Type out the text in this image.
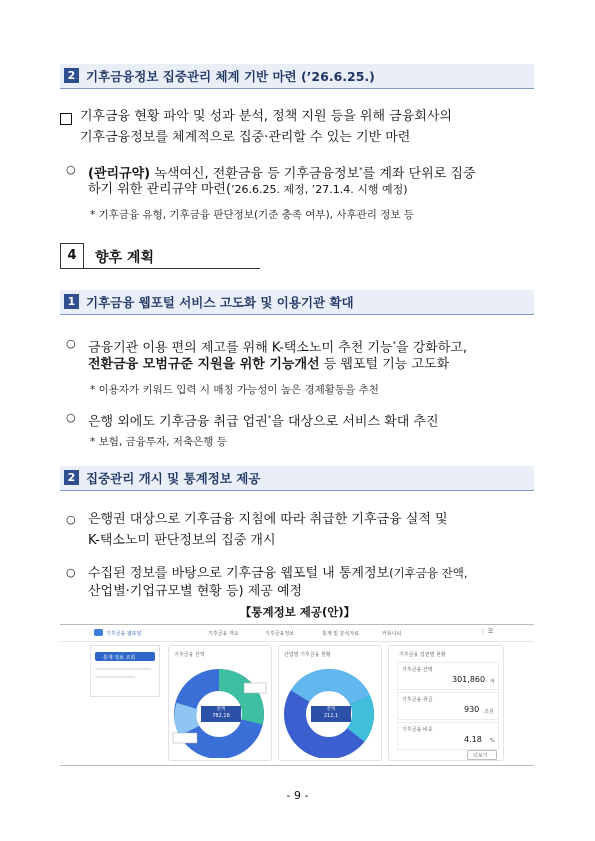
2 기후금융정보 집중관리 체계 기반 마련 (’26.6.25.)
기후금융 현황 파악 및 성과 분석, 정책 지원 등을 위해 금융회사의
기후금융정보를 체계적으로 집중·관리할 수 있는 기반 마련
○ (관리규약) 녹색여신, 전환금융 등 기후금융정보*를 계좌 단위로 집중
하기 위한 관리규약 마련(’26.6.25. 제정, ’27.1.4. 시행 예정)
* 기후금융 유형, 기후금융 판단정보(기준 충족 여부), 사후관리 정보 등
4	향후 계획
1 기후금융 웹포털 서비스 고도화 및 이용기관 확대
○ 금융기관 이용 편의 제고를 위해 K-택소노미 추천 기능*을 강화하고,
전환금융 모범규준 지원을 위한 기능개선 등 웹포털 기능 고도화
* 이용자가 키워드 입력 시 매칭 가능성이 높은 경제활동을 추천
○ 은행 외에도 기후금융 취급 업권*을 대상으로 서비스 확대 추진
* 보험, 금융투자, 저축은행 등
2 집중관리 개시 및 통계정보 제공
○ 은행권 대상으로 기후금융 지침에 따라 취급한 기후금융 실적 및
K-택소노미 판단정보의 집중 개시
○ 수집된 정보를 바탕으로 기후금융 웹포털 내 통계정보(기후금융 잔액,
산업별·기업규모별 현황 등) 제공 예정
【통계정보 제공(안)】
기후금융 웹포털	기후금융 개요	기후금융정보	통계 및 분석자료	커뮤니티	⋮ ☰
통계 정보 조회	기후금융 잔액
잔액
782,18
산업별 기후금융 현황
잔액
212,1
기후금융 업권별 현황
기후금융 잔액
301,860 억
기후금융 취급
930 조원
기후금융 비중
4.18 %
더보기
- 9 -
